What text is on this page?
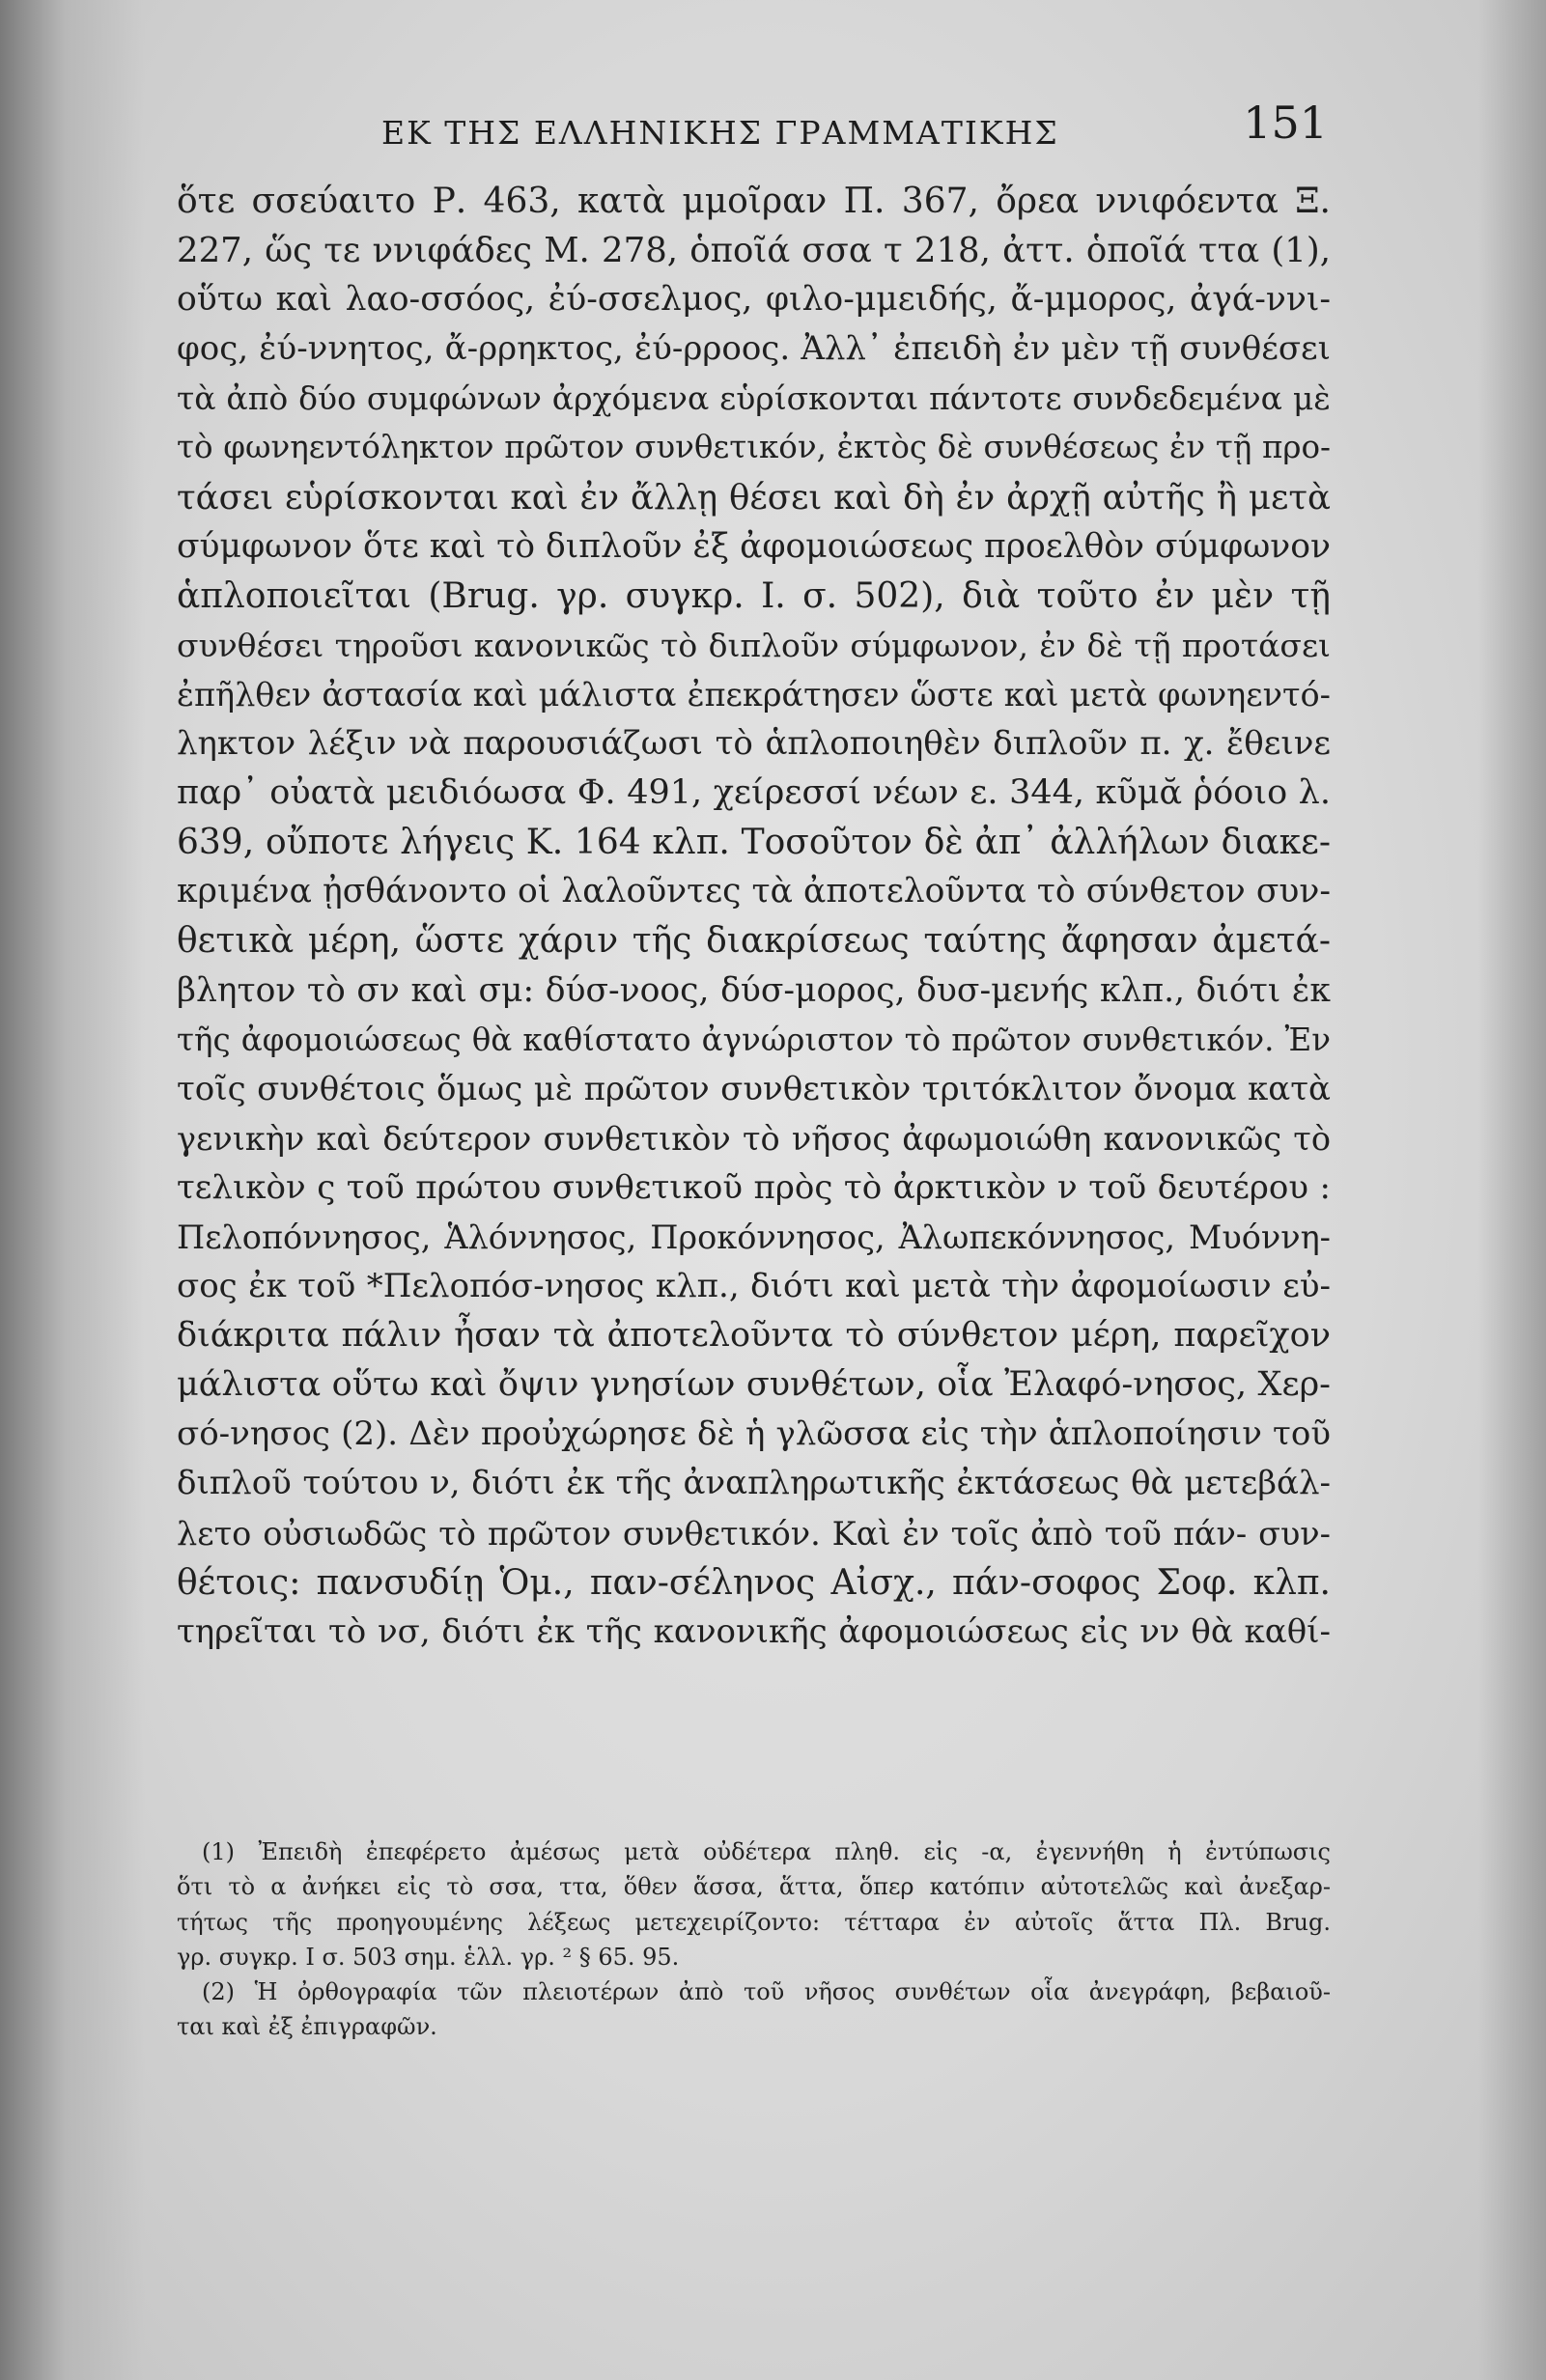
ΕΚ ΤΗΣ ΕΛΛΗΝΙΚΗΣ ΓΡΑΜΜΑΤΙΚΗΣ	151
ὅτε σσεύαιτο Ρ. 463, κατὰ μμοῖραν Π. 367, ὄρεα ννιφόεντα Ξ.
227, ὥς τε ννιφάδες Μ. 278, ὁποῖά σσα τ 218, ἀττ. ὁποῖά ττα (1),
οὕτω καὶ λαο-σσόος, ἐύ-σσελμος, φιλο-μμειδής, ἄ-μμορος, ἀγά-ννι-
φος, ἐύ-ννητος, ἄ-ρρηκτος, ἐύ-ρροος. Ἀλλ᾽ ἐπειδὴ ἐν μὲν τῇ συνθέσει
τὰ ἀπὸ δύο συμφώνων ἀρχόμενα εὑρίσκονται πάντοτε συνδεδεμένα μὲ
τὸ φωνηεντόληκτον πρῶτον συνθετικόν, ἐκτὸς δὲ συνθέσεως ἐν τῇ προ-
τάσει εὑρίσκονται καὶ ἐν ἄλλῃ θέσει καὶ δὴ ἐν ἀρχῇ αὐτῆς ἢ μετὰ
σύμφωνον ὅτε καὶ τὸ διπλοῦν ἐξ ἀφομοιώσεως προελθὸν σύμφωνον
ἁπλοποιεῖται (Brug. γρ. συγκρ. I. σ. 502), διὰ τοῦτο ἐν μὲν τῇ
συνθέσει τηροῦσι κανονικῶς τὸ διπλοῦν σύμφωνον, ἐν δὲ τῇ προτάσει
ἐπῆλθεν ἀστασία καὶ μάλιστα ἐπεκράτησεν ὥστε καὶ μετὰ φωνηεντό-
ληκτον λέξιν νὰ παρουσιάζωσι τὸ ἁπλοποιηθὲν διπλοῦν π. χ. ἔθεινε
παρ᾽ οὐατὰ μειδιόωσα Φ. 491, χείρεσσί νέων ε. 344, κῦμᾰ ῥόοιο λ.
639, οὔποτε λήγεις Κ. 164 κλπ. Τοσοῦτον δὲ ἀπ᾽ ἀλλήλων διακε-
κριμένα ᾐσθάνοντο οἱ λαλοῦντες τὰ ἀποτελοῦντα τὸ σύνθετον συν-
θετικὰ μέρη, ὥστε χάριν τῆς διακρίσεως ταύτης ἄφησαν ἀμετά-
βλητον τὸ σν καὶ σμ: δύσ-νοος, δύσ-μορος, δυσ-μενής κλπ., διότι ἐκ
τῆς ἀφομοιώσεως θὰ καθίστατο ἀγνώριστον τὸ πρῶτον συνθετικόν. Ἐν
τοῖς συνθέτοις ὅμως μὲ πρῶτον συνθετικὸν τριτόκλιτον ὄνομα κατὰ
γενικὴν καὶ δεύτερον συνθετικὸν τὸ νῆσος ἀφωμοιώθη κανονικῶς τὸ
τελικὸν ς τοῦ πρώτου συνθετικοῦ πρὸς τὸ ἀρκτικὸν ν τοῦ δευτέρου :
Πελοπόννησος, Ἁλόννησος, Προκόννησος, Ἀλωπεκόννησος, Μυόννη-
σος ἐκ τοῦ *Πελοπόσ-νησος κλπ., διότι καὶ μετὰ τὴν ἀφομοίωσιν εὐ-
διάκριτα πάλιν ἦσαν τὰ ἀποτελοῦντα τὸ σύνθετον μέρη, παρεῖχον
μάλιστα οὕτω καὶ ὄψιν γνησίων συνθέτων, οἷα Ἐλαφό-νησος, Χερ-
σό-νησος (2). Δὲν προὐχώρησε δὲ ἡ γλῶσσα εἰς τὴν ἁπλοποίησιν τοῦ
διπλοῦ τούτου ν, διότι ἐκ τῆς ἀναπληρωτικῆς ἐκτάσεως θὰ μετεβάλ-
λετο οὐσιωδῶς τὸ πρῶτον συνθετικόν. Καὶ ἐν τοῖς ἀπὸ τοῦ πάν- συν-
θέτοις: πανσυδίῃ Ὁμ., παν-σέληνος Αἰσχ., πάν-σοφος Σοφ. κλπ.
τηρεῖται τὸ νσ, διότι ἐκ τῆς κανονικῆς ἀφομοιώσεως εἰς νν θὰ καθί-
(1) Ἐπειδὴ ἐπεφέρετο ἀμέσως μετὰ οὐδέτερα πληθ. εἰς -α, ἐγεννήθη ἡ ἐντύπωσις
ὅτι τὸ α ἀνήκει εἰς τὸ σσα, ττα, ὅθεν ἅσσα, ἅττα, ὅπερ κατόπιν αὐτοτελῶς καὶ ἀνεξαρ-
τήτως τῆς προηγουμένης λέξεως μετεχειρίζοντο: τέτταρα ἐν αὐτοῖς ἅττα Πλ. Brug.
γρ. συγκρ. I σ. 503 σημ. ἑλλ. γρ. ² § 65. 95.
(2) Ἡ ὀρθογραφία τῶν πλειοτέρων ἀπὸ τοῦ νῆσος συνθέτων οἷα ἀνεγράφη, βεβαιοῦ-
ται καὶ ἐξ ἐπιγραφῶν.
